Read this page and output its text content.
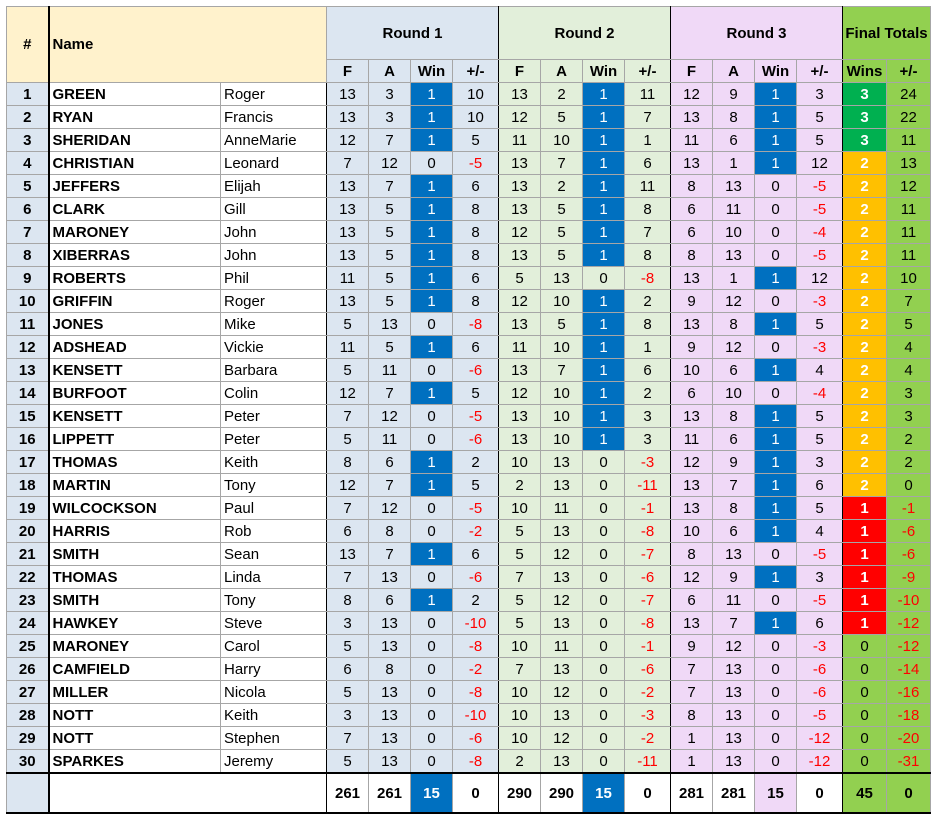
#	Name		Round 1				Round 2				Round 3				Final Totals	
			F	A	Win	+/-	F	A	Win	+/-	F	A	Win	+/-	Wins	+/-
1	GREEN	Roger	13	3	1	10	13	2	1	11	12	9	1	3	3	24
2	RYAN	Francis	13	3	1	10	12	5	1	7	13	8	1	5	3	22
3	SHERIDAN	AnneMarie	12	7	1	5	11	10	1	1	11	6	1	5	3	11
4	CHRISTIAN	Leonard	7	12	0	-5	13	7	1	6	13	1	1	12	2	13
5	JEFFERS	Elijah	13	7	1	6	13	2	1	11	8	13	0	-5	2	12
6	CLARK	Gill	13	5	1	8	13	5	1	8	6	11	0	-5	2	11
7	MARONEY	John	13	5	1	8	12	5	1	7	6	10	0	-4	2	11
8	XIBERRAS	John	13	5	1	8	13	5	1	8	8	13	0	-5	2	11
9	ROBERTS	Phil	11	5	1	6	5	13	0	-8	13	1	1	12	2	10
10	GRIFFIN	Roger	13	5	1	8	12	10	1	2	9	12	0	-3	2	7
11	JONES	Mike	5	13	0	-8	13	5	1	8	13	8	1	5	2	5
12	ADSHEAD	Vickie	11	5	1	6	11	10	1	1	9	12	0	-3	2	4
13	KENSETT	Barbara	5	11	0	-6	13	7	1	6	10	6	1	4	2	4
14	BURFOOT	Colin	12	7	1	5	12	10	1	2	6	10	0	-4	2	3
15	KENSETT	Peter	7	12	0	-5	13	10	1	3	13	8	1	5	2	3
16	LIPPETT	Peter	5	11	0	-6	13	10	1	3	11	6	1	5	2	2
17	THOMAS	Keith	8	6	1	2	10	13	0	-3	12	9	1	3	2	2
18	MARTIN	Tony	12	7	1	5	2	13	0	-11	13	7	1	6	2	0
19	WILCOCKSON	Paul	7	12	0	-5	10	11	0	-1	13	8	1	5	1	-1
20	HARRIS	Rob	6	8	0	-2	5	13	0	-8	10	6	1	4	1	-6
21	SMITH	Sean	13	7	1	6	5	12	0	-7	8	13	0	-5	1	-6
22	THOMAS	Linda	7	13	0	-6	7	13	0	-6	12	9	1	3	1	-9
23	SMITH	Tony	8	6	1	2	5	12	0	-7	6	11	0	-5	1	-10
24	HAWKEY	Steve	3	13	0	-10	5	13	0	-8	13	7	1	6	1	-12
25	MARONEY	Carol	5	13	0	-8	10	11	0	-1	9	12	0	-3	0	-12
26	CAMFIELD	Harry	6	8	0	-2	7	13	0	-6	7	13	0	-6	0	-14
27	MILLER	Nicola	5	13	0	-8	10	12	0	-2	7	13	0	-6	0	-16
28	NOTT	Keith	3	13	0	-10	10	13	0	-3	8	13	0	-5	0	-18
29	NOTT	Stephen	7	13	0	-6	10	12	0	-2	1	13	0	-12	0	-20
30	SPARKES	Jeremy	5	13	0	-8	2	13	0	-11	1	13	0	-12	0	-31
			261	261	15	0	290	290	15	0	281	281	15	0	45	0
